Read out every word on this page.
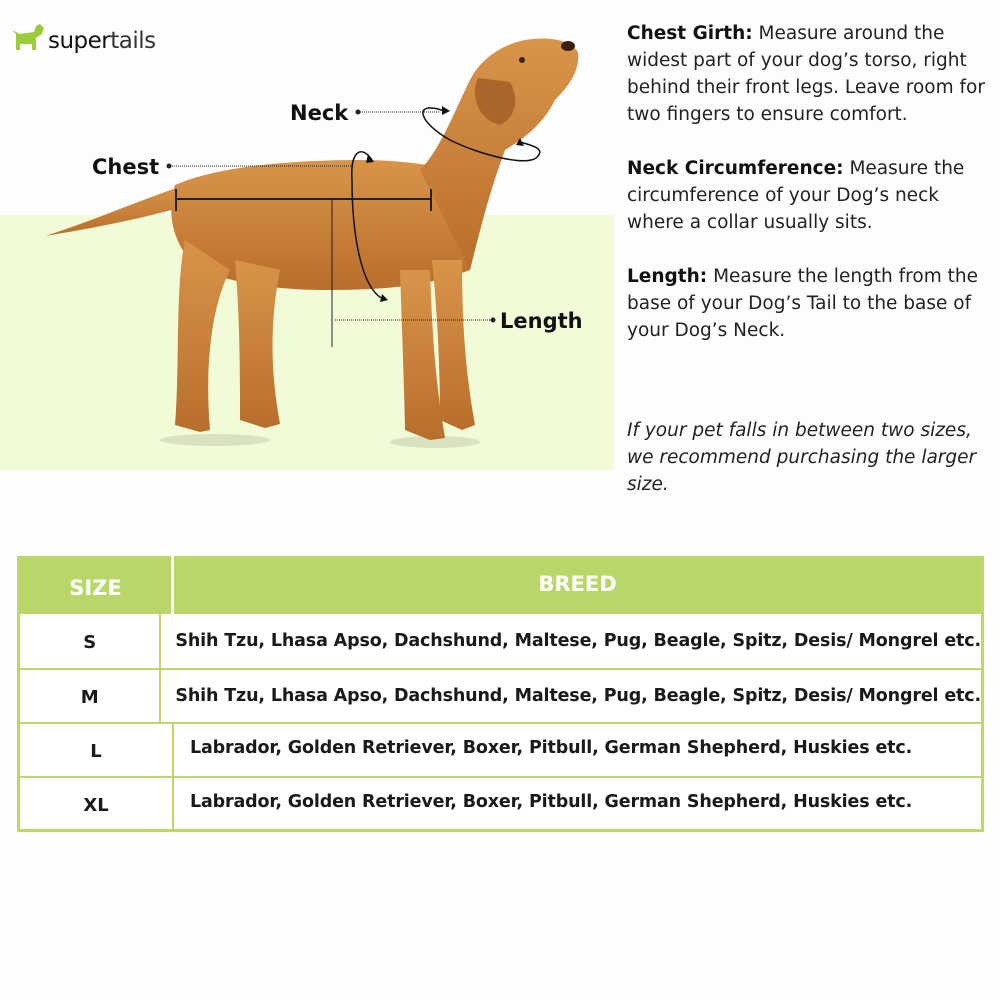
supertails
Neck
Chest
Length

Chest Girth: Measure around the widest part of your dog’s torso, right behind their front legs. Leave room for two fingers to ensure comfort.

Neck Circumference: Measure the circumference of your Dog’s neck where a collar usually sits.

Length: Measure the length from the base of your Dog’s Tail to the base of your Dog’s Neck.

If your pet falls in between two sizes, we recommend purchasing the larger size.
SIZE	BREED
S	Shih Tzu, Lhasa Apso, Dachshund, Maltese, Pug, Beagle, Spitz, Desis/ Mongrel etc.
M	Shih Tzu, Lhasa Apso, Dachshund, Maltese, Pug, Beagle, Spitz, Desis/ Mongrel etc.
L	Labrador, Golden Retriever, Boxer, Pitbull, German Shepherd, Huskies etc.
XL	Labrador, Golden Retriever, Boxer, Pitbull, German Shepherd, Huskies etc.
